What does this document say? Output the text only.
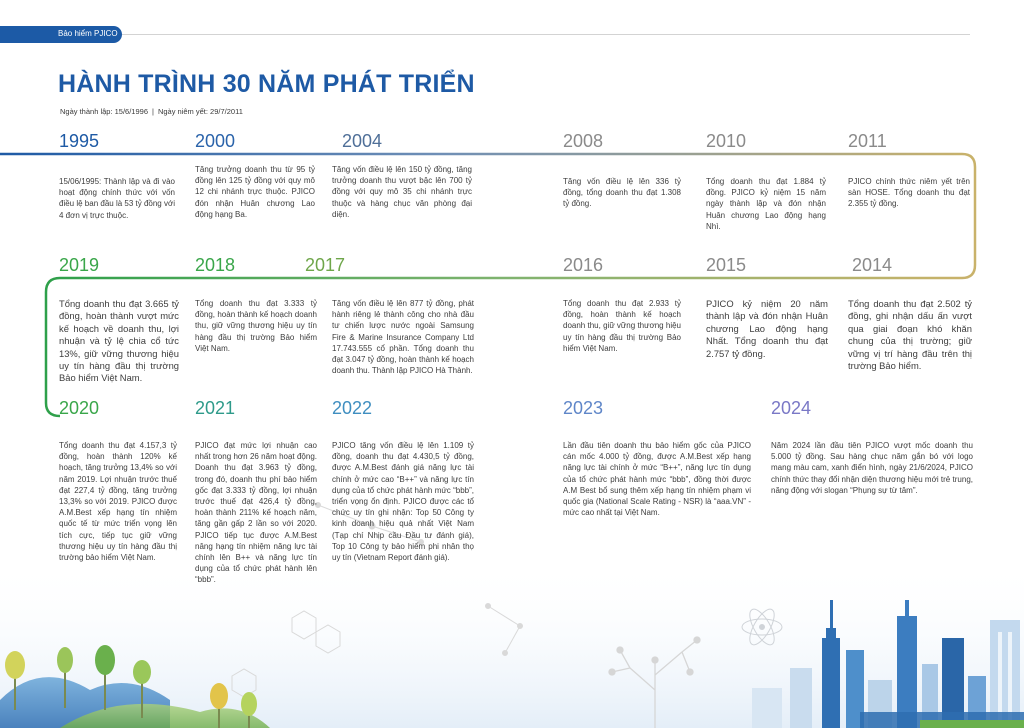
Bảo hiểm PJICO
HÀNH TRÌNH 30 NĂM PHÁT TRIỂN
Ngày thành lập: 15/6/1996 | Ngày niêm yết: 29/7/2011
1995
15/06/1995: Thành lập và đi vào hoạt động chính thức với vốn điều lệ ban đầu là 53 tỷ đồng với 4 đơn vị trực thuộc.
2000
Tăng trưởng doanh thu từ 95 tỷ đồng lên 125 tỷ đồng với quy mô 12 chi nhánh trực thuộc. PJICO đón nhận Huân chương Lao động hạng Ba.
2004
Tăng vốn điều lệ lên 150 tỷ đồng, tăng trưởng doanh thu vượt bậc lên 700 tỷ đồng với quy mô 35 chi nhánh trực thuộc và hàng chục văn phòng đại diện.
2008
Tăng vốn điều lệ lên 336 tỷ đồng, tổng doanh thu đạt 1.308 tỷ đồng.
2010
Tổng doanh thu đạt 1.884 tỷ đồng. PJICO kỷ niệm 15 năm ngày thành lập và đón nhận Huân chương Lao động hạng Nhì.
2011
PJICO chính thức niêm yết trên sàn HOSE. Tổng doanh thu đạt 2.355 tỷ đồng.
2019
Tổng doanh thu đạt 3.665 tỷ đồng, hoàn thành vượt mức kế hoạch về doanh thu, lợi nhuận và tỷ lệ chia cổ tức 13%, giữ vững thương hiệu uy tín hàng đầu thị trường Bảo hiểm Việt Nam.
2018
Tổng doanh thu đạt 3.333 tỷ đồng, hoàn thành kế hoạch doanh thu, giữ vững thương hiệu uy tín hàng đầu thị trường Bảo hiểm Việt Nam.
2017
Tăng vốn điều lệ lên 877 tỷ đồng, phát hành riêng lẻ thành công cho nhà đầu tư chiến lược nước ngoài Samsung Fire & Marine Insurance Company Ltd 17.743.555 cổ phần. Tổng doanh thu đạt 3.047 tỷ đồng, hoàn thành kế hoạch doanh thu. Thành lập PJICO Hà Thành.
2016
Tổng doanh thu đạt 2.933 tỷ đồng, hoàn thành kế hoạch doanh thu, giữ vững thương hiệu uy tín hàng đầu thị trường Bảo hiểm Việt Nam.
2015
PJICO kỷ niệm 20 năm thành lập và đón nhận Huân chương Lao động hạng Nhất. Tổng doanh thu đạt 2.757 tỷ đồng.
2014
Tổng doanh thu đạt 2.502 tỷ đồng, ghi nhận dấu ấn vượt qua giai đoạn khó khăn chung của thị trường; giữ vững vị trí hàng đầu trên thị trường Bảo hiểm.
2020
Tổng doanh thu đạt 4.157,3 tỷ đồng, hoàn thành 120% kế hoạch, tăng trưởng 13,4% so với năm 2019. Lợi nhuận trước thuế đạt 227,4 tỷ đồng, tăng trưởng 13,3% so với 2019. PJICO được A.M.Best xếp hạng tín nhiệm quốc tế từ mức triển vọng lên tích cực, tiếp tục giữ vững thương hiệu uy tín hàng đầu thị trường bảo hiểm Việt Nam.
2021
PJICO đạt mức lợi nhuận cao nhất trong hơn 26 năm hoạt động. Doanh thu đạt 3.963 tỷ đồng, trong đó, doanh thu phí bảo hiểm gốc đạt 3.333 tỷ đồng, lợi nhuận trước thuế đạt 426,4 tỷ đồng, hoàn thành 211% kế hoạch năm, tăng gần gấp 2 lần so với 2020. PJICO tiếp tục được A.M.Best nâng hạng tín nhiệm năng lực tài chính lên B++ và năng lực tín dụng của tổ chức phát hành lên “bbb”.
2022
PJICO tăng vốn điều lệ lên 1.109 tỷ đồng, doanh thu đạt 4.430,5 tỷ đồng, được A.M.Best đánh giá năng lực tài chính ở mức cao “B++” và năng lực tín dụng của tổ chức phát hành mức “bbb”, triển vọng ổn định. PJICO được các tổ chức uy tín ghi nhận: Top 50 Công ty kinh doanh hiệu quả nhất Việt Nam (Tạp chí Nhịp cầu Đầu tư đánh giá), Top 10 Công ty bảo hiểm phi nhân thọ uy tín (Vietnam Report đánh giá).
2023
Lần đầu tiên doanh thu bảo hiểm gốc của PJICO cán mốc 4.000 tỷ đồng, được A.M.Best xếp hạng năng lực tài chính ở mức “B++”, năng lực tín dụng của tổ chức phát hành mức “bbb”, đồng thời được A.M Best bổ sung thêm xếp hạng tín nhiệm phạm vi quốc gia (National Scale Rating - NSR) là “aaa.VN” - mức cao nhất tại Việt Nam.
2024
Năm 2024 lần đầu tiên PJICO vượt mốc doanh thu 5.000 tỷ đồng. Sau hàng chục năm gắn bó với logo mang màu cam, xanh điển hình, ngày 21/6/2024, PJICO chính thức thay đổi nhận diện thương hiệu mới trẻ trung, năng động với slogan “Phụng sự từ tâm”.
